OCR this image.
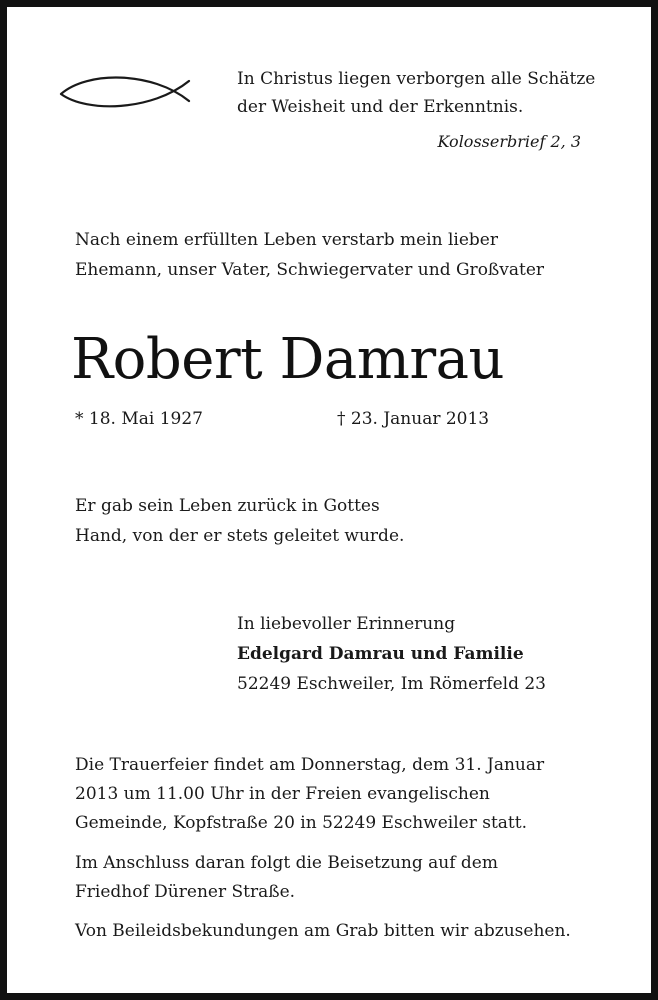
In Christus liegen verborgen alle Schätze
der Weisheit und der Erkenntnis.
Kolosserbrief 2, 3
Nach einem erfüllten Leben verstarb mein lieber
Ehemann, unser Vater, Schwiegervater und Großvater
Robert Damrau
* 18. Mai 1927	† 23. Januar 2013
Er gab sein Leben zurück in Gottes
Hand, von der er stets geleitet wurde.
In liebevoller Erinnerung
Edelgard Damrau und Familie
52249 Eschweiler, Im Römerfeld 23
Die Trauerfeier findet am Donnerstag, dem 31. Januar
2013 um 11.00 Uhr in der Freien evangelischen
Gemeinde, Kopfstraße 20 in 52249 Eschweiler statt.
Im Anschluss daran folgt die Beisetzung auf dem
Friedhof Dürener Straße.
Von Beileidsbekundungen am Grab bitten wir abzusehen.
